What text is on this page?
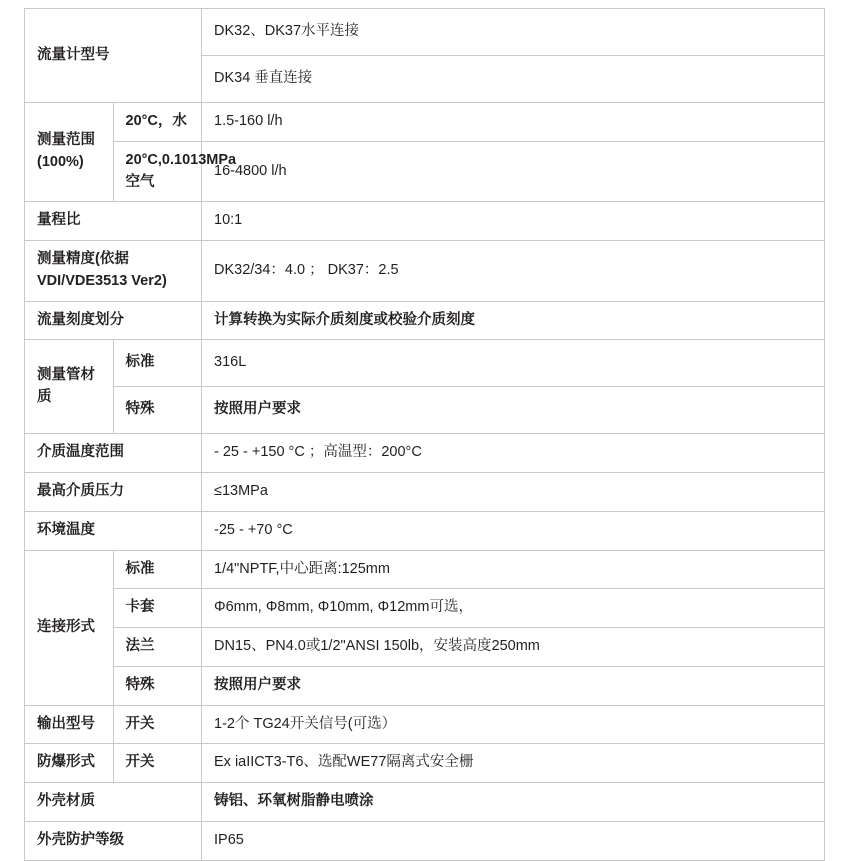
流量计型号		DK32、DK37水平连接
		DK34 垂直连接
测量范围(100%)	20°C，水	1.5-160 l/h
	20°C,0.1013MPa空气	16-4800 l/h
量程比		10:1
测量精度(依据VDI/VDE3513 Ver2)		DK32/34：4.0 ； DK37：2.5
流量刻度划分		计算转换为实际介质刻度或校验介质刻度
测量管材质	标准	316L
	特殊	按照用户要求
介质温度范围		- 25 - +150 °C ；高温型：200°C
最高介质压力		≤13MPa
环境温度		-25 - +70 °C
连接形式	标准	1/4"NPTF,中心距离:125mm
	卡套	Φ6mm, Φ8mm, Φ10mm, Φ12mm可选，
	法兰	DN15、PN4.0或1/2"ANSI 150lb，安装高度250mm
	特殊	按照用户要求
输出型号	开关	1-2个 TG24开关信号(可选）
防爆形式	开关	Ex iaIICT3-T6、选配WE77隔离式安全栅
外壳材质		铸铝、环氧树脂静电喷涂
外壳防护等级		IP65
